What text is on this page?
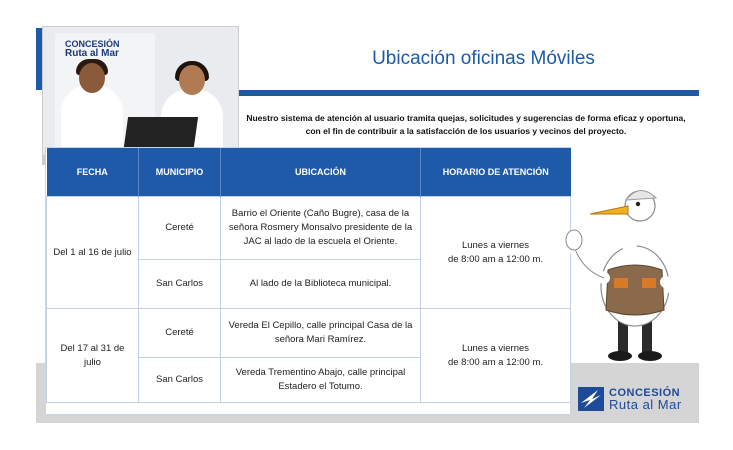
Ubicación oficinas Móviles
CONCESIÓN
Ruta al Mar
Nuestro sistema de atención al usuario tramita quejas, solicitudes y sugerencias de forma eficaz y oportuna, con el fin de contribuir a la satisfacción de los usuarios y vecinos del proyecto.
FECHA	MUNICIPIO	UBICACIÓN	HORARIO DE ATENCIÓN
Del 1 al 16 de julio	Cereté	Barrio el Oriente (Caño Bugre), casa de la señora Rosmery Monsalvo presidente de la JAC al lado de la escuela el Oriente.	Lunes a viernes
de 8:00 am a 12:00 m.

	San Carlos	Al lado de la Biblioteca municipal.	
Del 17 al 31 de julio	Cereté	Vereda El Cepillo, calle principal Casa de la señora Mari Ramírez.	Lunes a viernes
de 8:00 am a 12:00 m.

	San Carlos	Vereda Trementino Abajo, calle principal Estadero el Totumo.	
CONCESIÓN
Ruta al Mar
